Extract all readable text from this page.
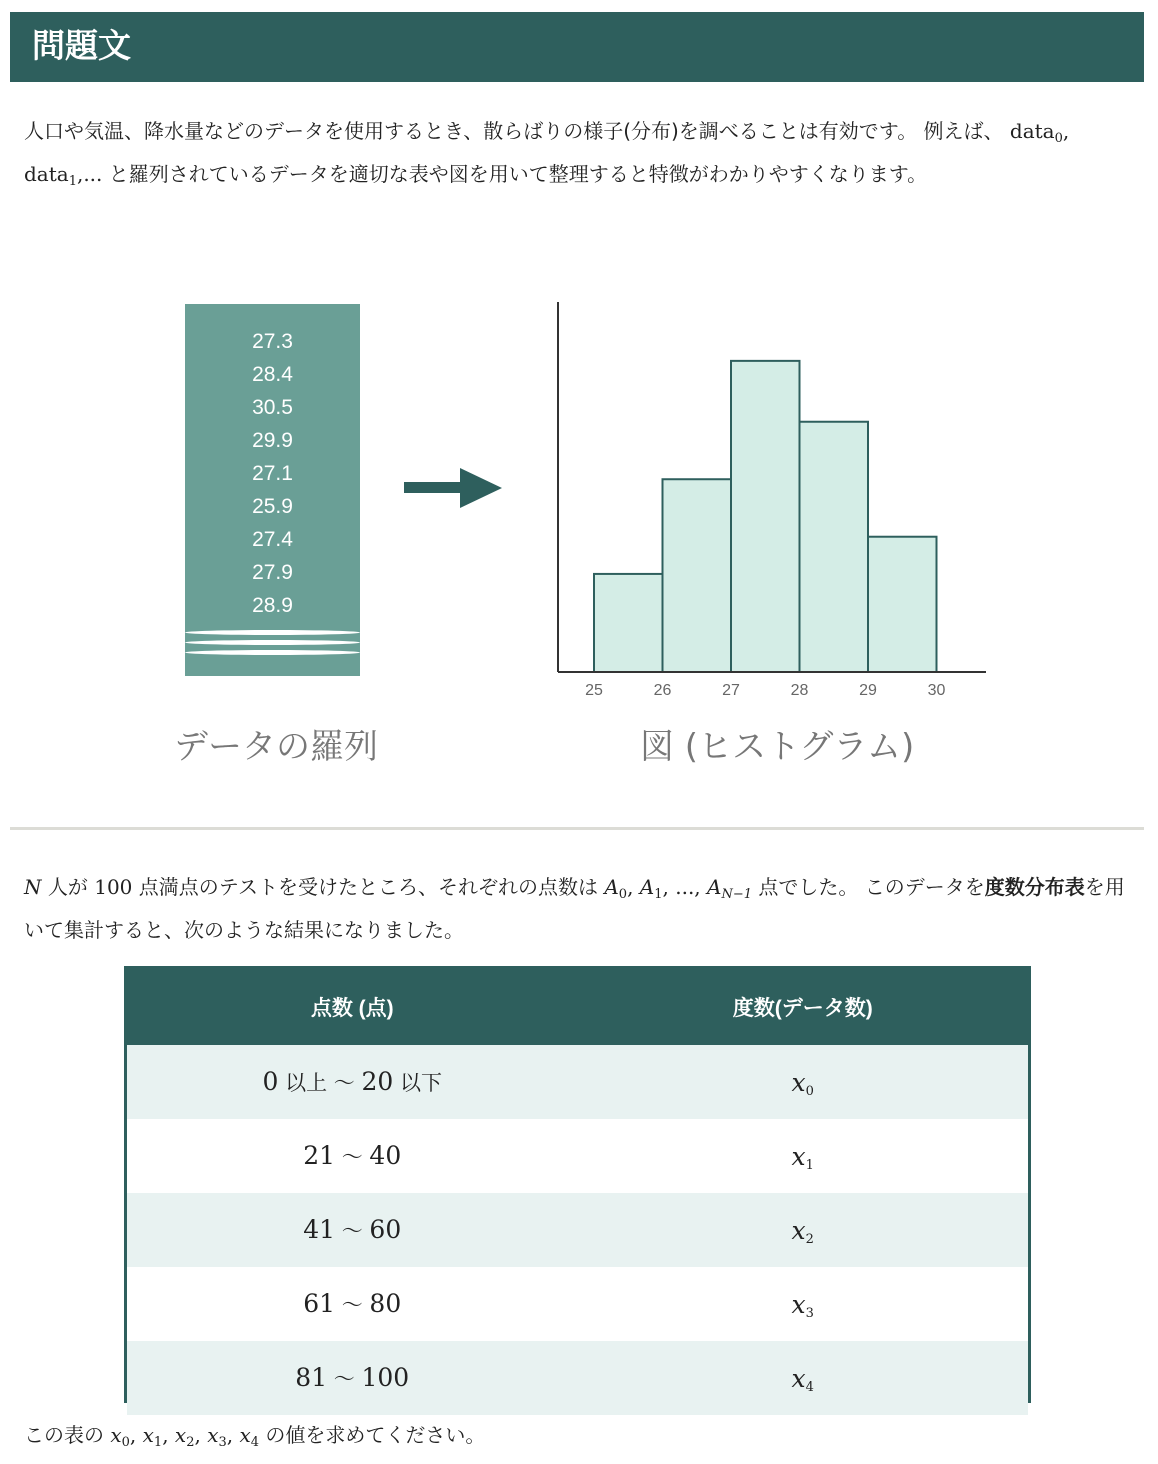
問題文
人口や気温、降水量などのデータを使用するとき、散らばりの様子(分布)を調べることは有効です。 例えば、 data$_0$, data$_1$,... と羅列されているデータを適切な表や図を用いて整理すると特徴がわかりやすくなります。
27.3
28.4
30.5
29.9
27.1
25.9
27.4
27.9
28.9
25	26	27	28	29	30
データの羅列	図 (ヒストグラム)
N 人が 100 点満点のテストを受けたところ、それぞれの点数は $A_0$, $A_1$, ..., $A_{N-1}$ 点でした。 このデータを度数分布表を用いて集計すると、次のような結果になりました。
点数 (点)	度数(データ数)
0 以上 ～ 20 以下	$x_0$
21 ～ 40	$x_1$
41 ～ 60	$x_2$
61 ～ 80	$x_3$
81 ～ 100	$x_4$
この表の $x_0$, $x_1$, $x_2$, $x_3$, $x_4$ の値を求めてください。
